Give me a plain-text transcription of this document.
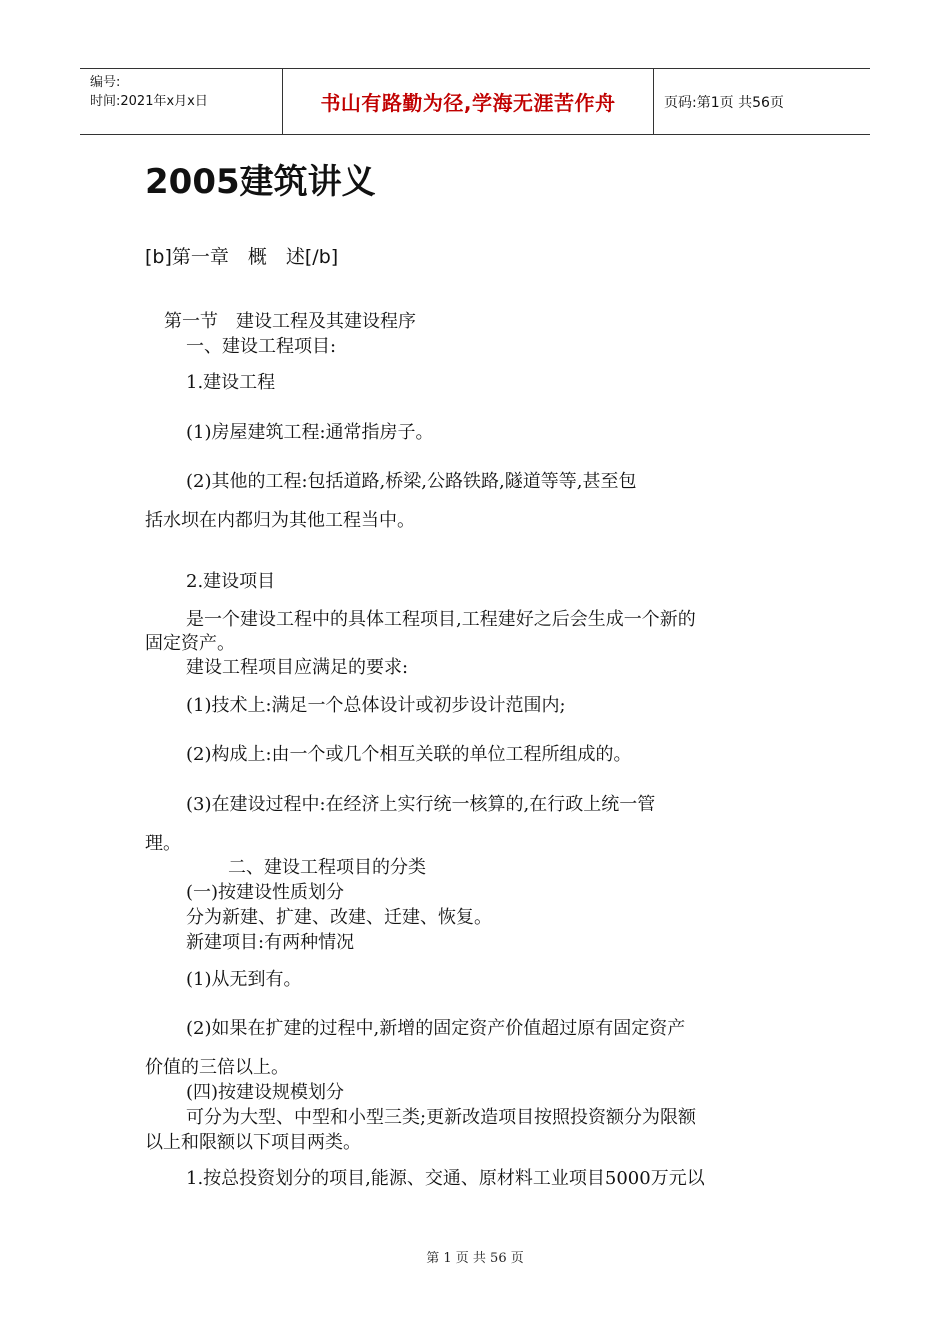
编号:
时间:2021年x月x日	书山有路勤为径,学海无涯苦作舟	页码:第1页 共56页
2005建筑讲义

[b]第一章　概　述[/b]

第一节　建设工程及其建设程序

一、建设工程项目:

1.建设工程

(1)房屋建筑工程:通常指房子。

(2)其他的工程:包括道路,桥梁,公路铁路,隧道等等,甚至包

括水坝在内都归为其他工程当中。

2.建设项目

是一个建设工程中的具体工程项目,工程建好之后会生成一个新的

固定资产。

建设工程项目应满足的要求:

(1)技术上:满足一个总体设计或初步设计范围内;

(2)构成上:由一个或几个相互关联的单位工程所组成的。

(3)在建设过程中:在经济上实行统一核算的,在行政上统一管

理。

二、建设工程项目的分类

(一)按建设性质划分

分为新建、扩建、改建、迁建、恢复。

新建项目:有两种情况

(1)从无到有。

(2)如果在扩建的过程中,新增的固定资产价值超过原有固定资产

价值的三倍以上。

(四)按建设规模划分

可分为大型、中型和小型三类;更新改造项目按照投资额分为限额

以上和限额以下项目两类。

1.按总投资划分的项目,能源、交通、原材料工业项目5000万元以

第 1 页 共 56 页
